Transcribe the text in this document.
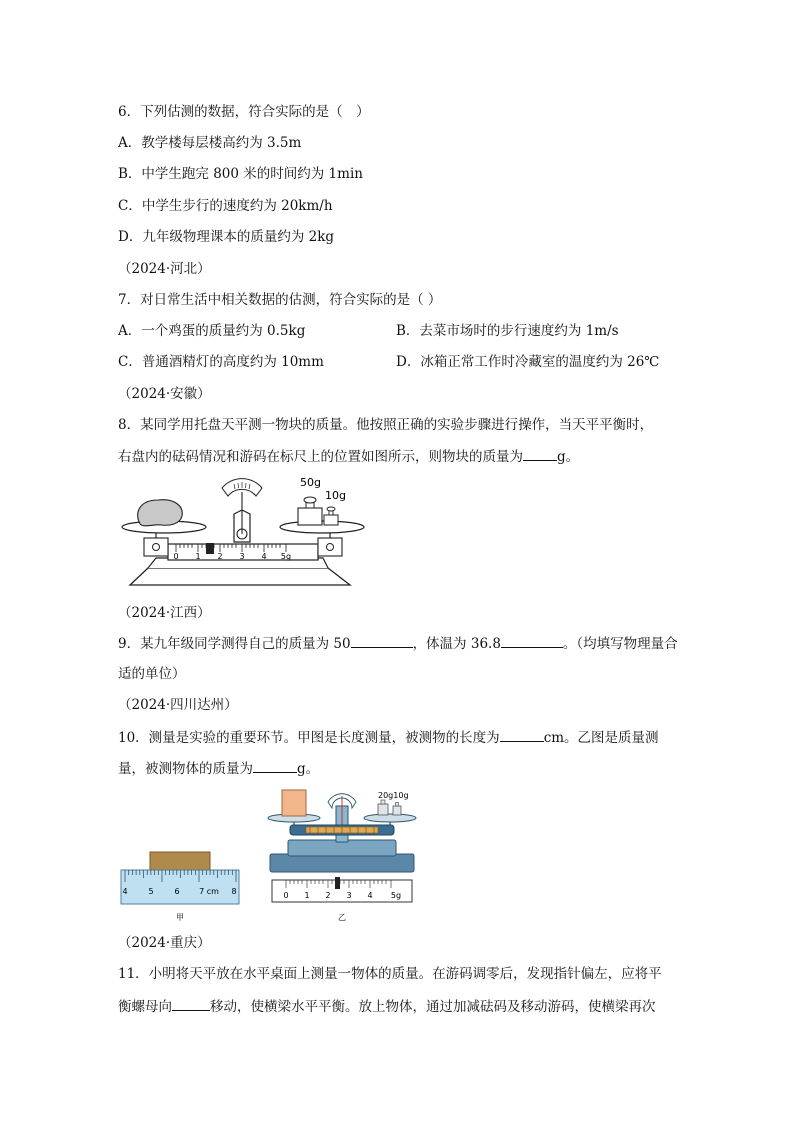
6．下列估测的数据，符合实际的是（　）
A．教学楼每层楼高约为 3.5m
B．中学生跑完 800 米的时间约为 1min
C．中学生步行的速度约为 20km/h
D．九年级物理课本的质量约为 2kg
（2024·河北）
7．对日常生活中相关数据的估测，符合实际的是（ ）
A．一个鸡蛋的质量约为 0.5kg	B．去菜市场时的步行速度约为 1m/s
C．普通酒精灯的高度约为 10mm	D．冰箱正常工作时冷藏室的温度约为 26℃
（2024·安徽）
8．某同学用托盘天平测一物块的质量。他按照正确的实验步骤进行操作，当天平平衡时，
右盘内的砝码情况和游码在标尺上的位置如图所示，则物块的质量为	g。
0 1 2 3 4 5g
50g
10g
（2024·江西）
9．某九年级同学测得自己的质量为 50	，体温为 36.8	。（均填写物理量合
适的单位）
（2024·四川达州）
10．测量是实验的重要环节。甲图是长度测量，被测物的长度为	cm。乙图是质量测
量，被测物体的质量为	g。
4	5	6 7 cm 8
甲
20g10g
0 1 2 3 4 5g
乙
（2024·重庆）
11．小明将天平放在水平桌面上测量一物体的质量。在游码调零后，发现指针偏左，应将平
衡螺母向	移动，使横梁水平平衡。放上物体，通过加减砝码及移动游码，使横梁再次
